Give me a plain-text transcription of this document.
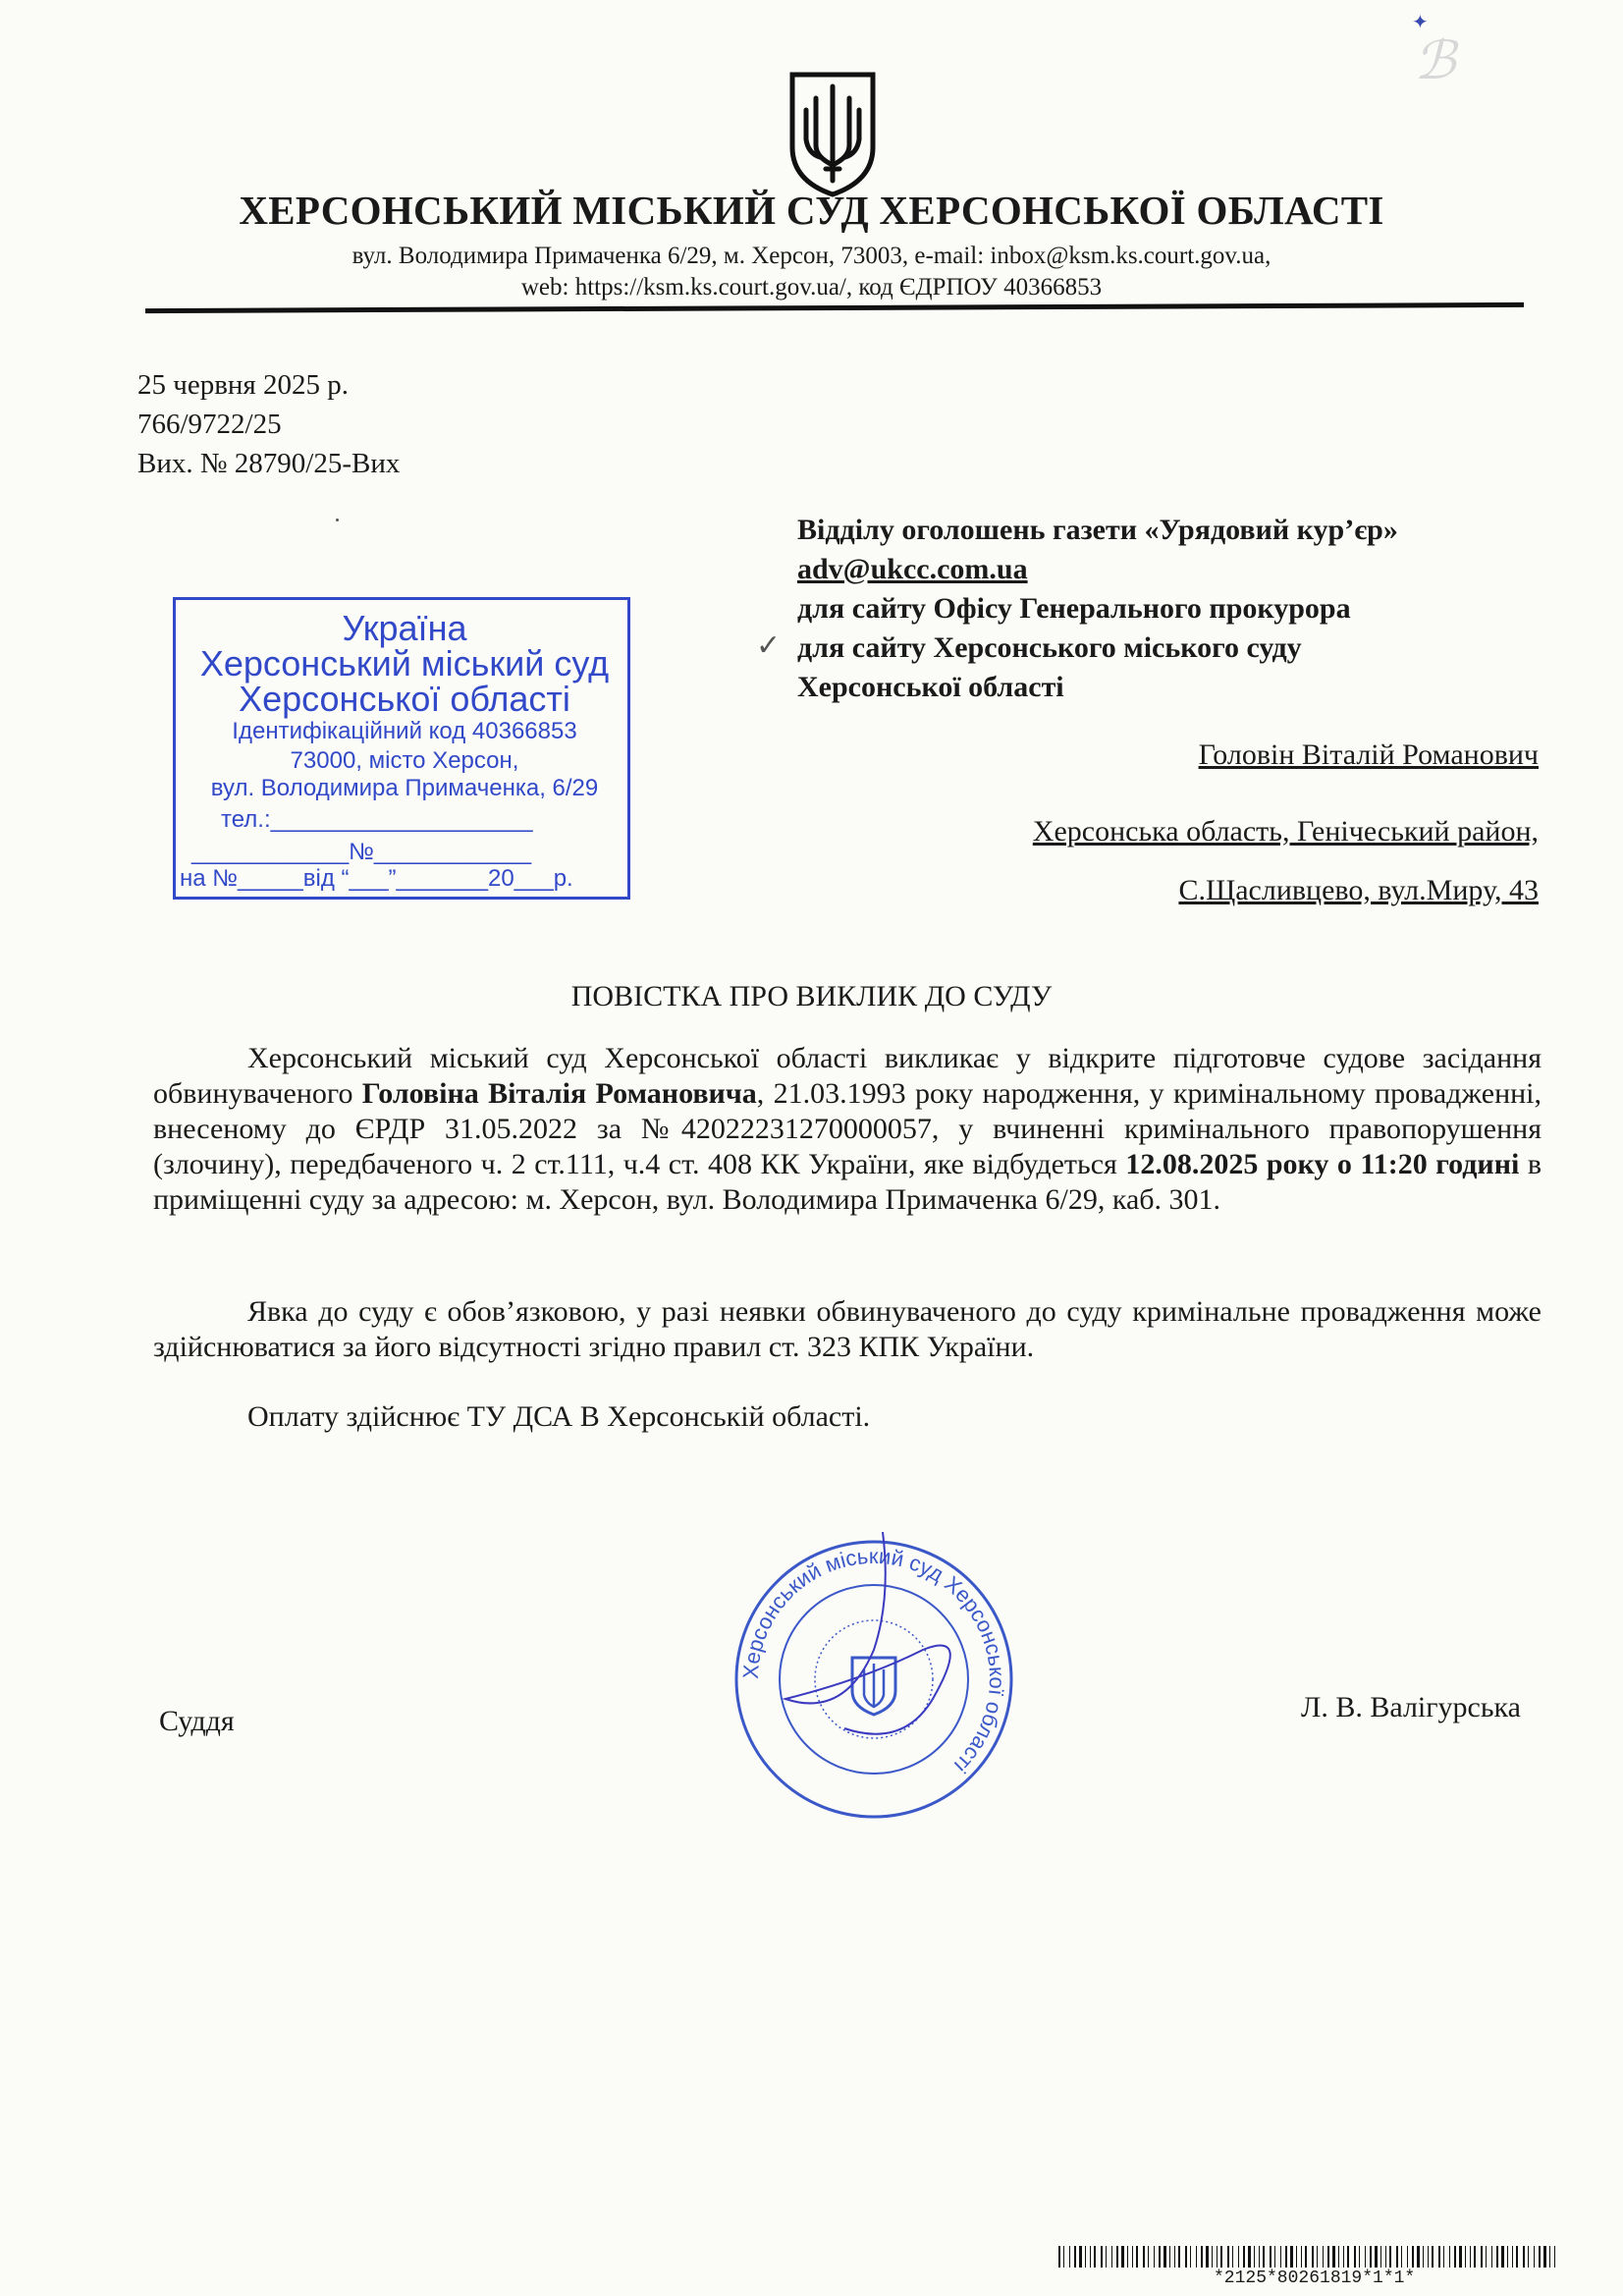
ℬ
✦
ХЕРСОНСЬКИЙ МІСЬКИЙ СУД ХЕРСОНСЬКОЇ ОБЛАСТІ
вул. Володимира Примаченка 6/29, м. Херсон, 73003, e-mail: inbox@ksm.ks.court.gov.ua,
web: https://ksm.ks.court.gov.ua/, код ЄДРПОУ 40366853
25 червня 2025 р.
766/9722/25
Вих. № 28790/25-Вих
Відділу оголошень газети «Урядовий кур’єр»
adv@ukcc.com.ua
для сайту Офісу Генерального прокурора
✓ для сайту Херсонського міського суду
Херсонської області
Головін Віталій Романович
Херсонська область, Генічеський район,
С.Щасливцево, вул.Миру, 43
Україна
Херсонський міський суд
Херсонської області
Ідентифікаційний код 40366853
73000, місто Херсон,
вул. Володимира Примаченка, 6/29
тел.:____________________
____________№____________
на №_____від “___”_______20___р.
ПОВІСТКА ПРО ВИКЛИК ДО СУДУ
Херсонський міський суд Херсонської області викликає у відкрите підготовче судове засідання обвинуваченого Головіна Віталія Романовича, 21.03.1993 року народження, у кримінальному провадженні, внесеному до ЄРДР 31.05.2022 за №42022231270000057, у вчиненні кримінального правопорушення (злочину), передбаченого ч. 2 ст.111, ч.4 ст. 408 КК України, яке відбудеться 12.08.2025 року о 11:20 годині в приміщенні суду за адресою: м. Херсон, вул. Володимира Примаченка 6/29, каб. 301.
Явка до суду є обов’язковою, у разі неявки обвинуваченого до суду кримінальне провадження може здійснюватися за його відсутності згідно правил ст. 323 КПК України.
Оплату здійснює ТУ ДСА В Херсонській області.
Херсонський міський суд Херсонської області
Суддя	Л. В. Валігурська
*2125*80261819*1*1*
